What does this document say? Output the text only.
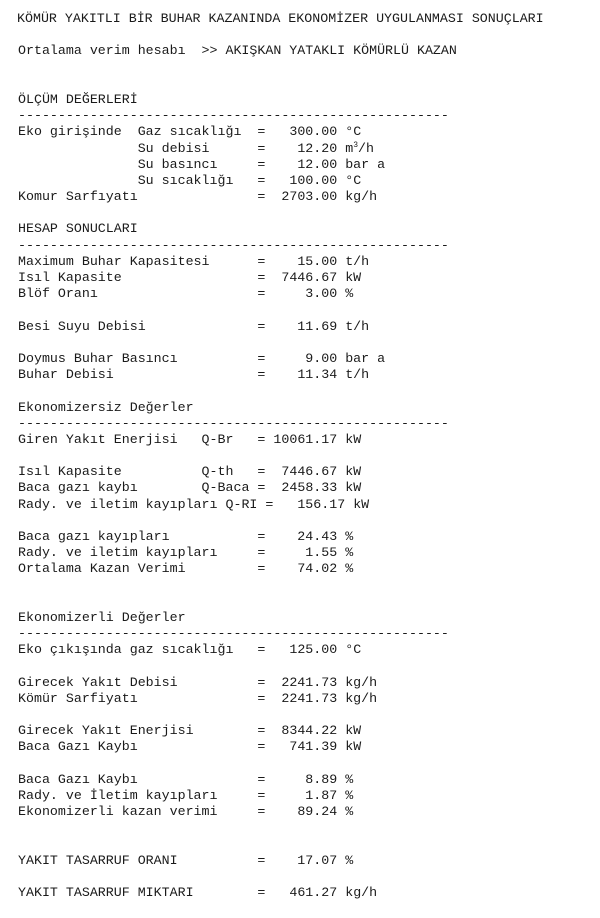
KÖMÜR YAKITLI BİR BUHAR KAZANINDA EKONOMİZER UYGULANMASI SONUÇLARI

Ortalama verim hesabı  >> AKIŞKAN YATAKLI KÖMÜRLÜ KAZAN

ÖLÇÜM DEĞERLERİ
------------------------------------------------------
Eko girişinde Gaz sıcaklığı = 300.00 °C
Su debisi	= 12.20 $m^3/h$
Su basıncı	= 12.00 bar a
Su sıcaklığı = 100.00 °C
Komur Sarfıyatı	= 2703.00 kg/h

HESAP SONUCLARI
------------------------------------------------------
Maximum Buhar Kapasitesi	= 15.00 t/h
Isıl Kapasite	= 7446.67 kW
Blöf Oranı	=	3.00 %

Besi Suyu Debisi	= 11.69 t/h

Doymus Buhar Basıncı	=	9.00 bar a
Buhar Debisi	= 11.34 t/h

Ekonomizersiz Değerler
------------------------------------------------------
Giren Yakıt Enerjisi Q-Br = 10061.17 kW

Isıl Kapasite	Q-th = 7446.67 kW
Baca gazı kaybı	Q-Baca = 2458.33 kW
Rady. ve iletim kayıpları Q-RI = 156.17 kW

Baca gazı kayıpları	= 24.43 %
Rady. ve iletim kayıpları	=	1.55 %
Ortalama Kazan Verimi	= 74.02 %

Ekonomizerli Değerler
------------------------------------------------------
Eko çıkışında gaz sıcaklığı = 125.00 °C

Girecek Yakıt Debisi	= 2241.73 kg/h
Kömür Sarfiyatı	= 2241.73 kg/h

Girecek Yakıt Enerjisi	= 8344.22 kW
Baca Gazı Kaybı	= 741.39 kW

Baca Gazı Kaybı	=	8.89 %
Rady. ve İletim kayıpları	=	1.87 %
Ekonomizerli kazan verimi	= 89.24 %

YAKIT TASARRUF ORANI	= 17.07 %

YAKIT TASARRUF MIKTARI	= 461.27 kg/h
